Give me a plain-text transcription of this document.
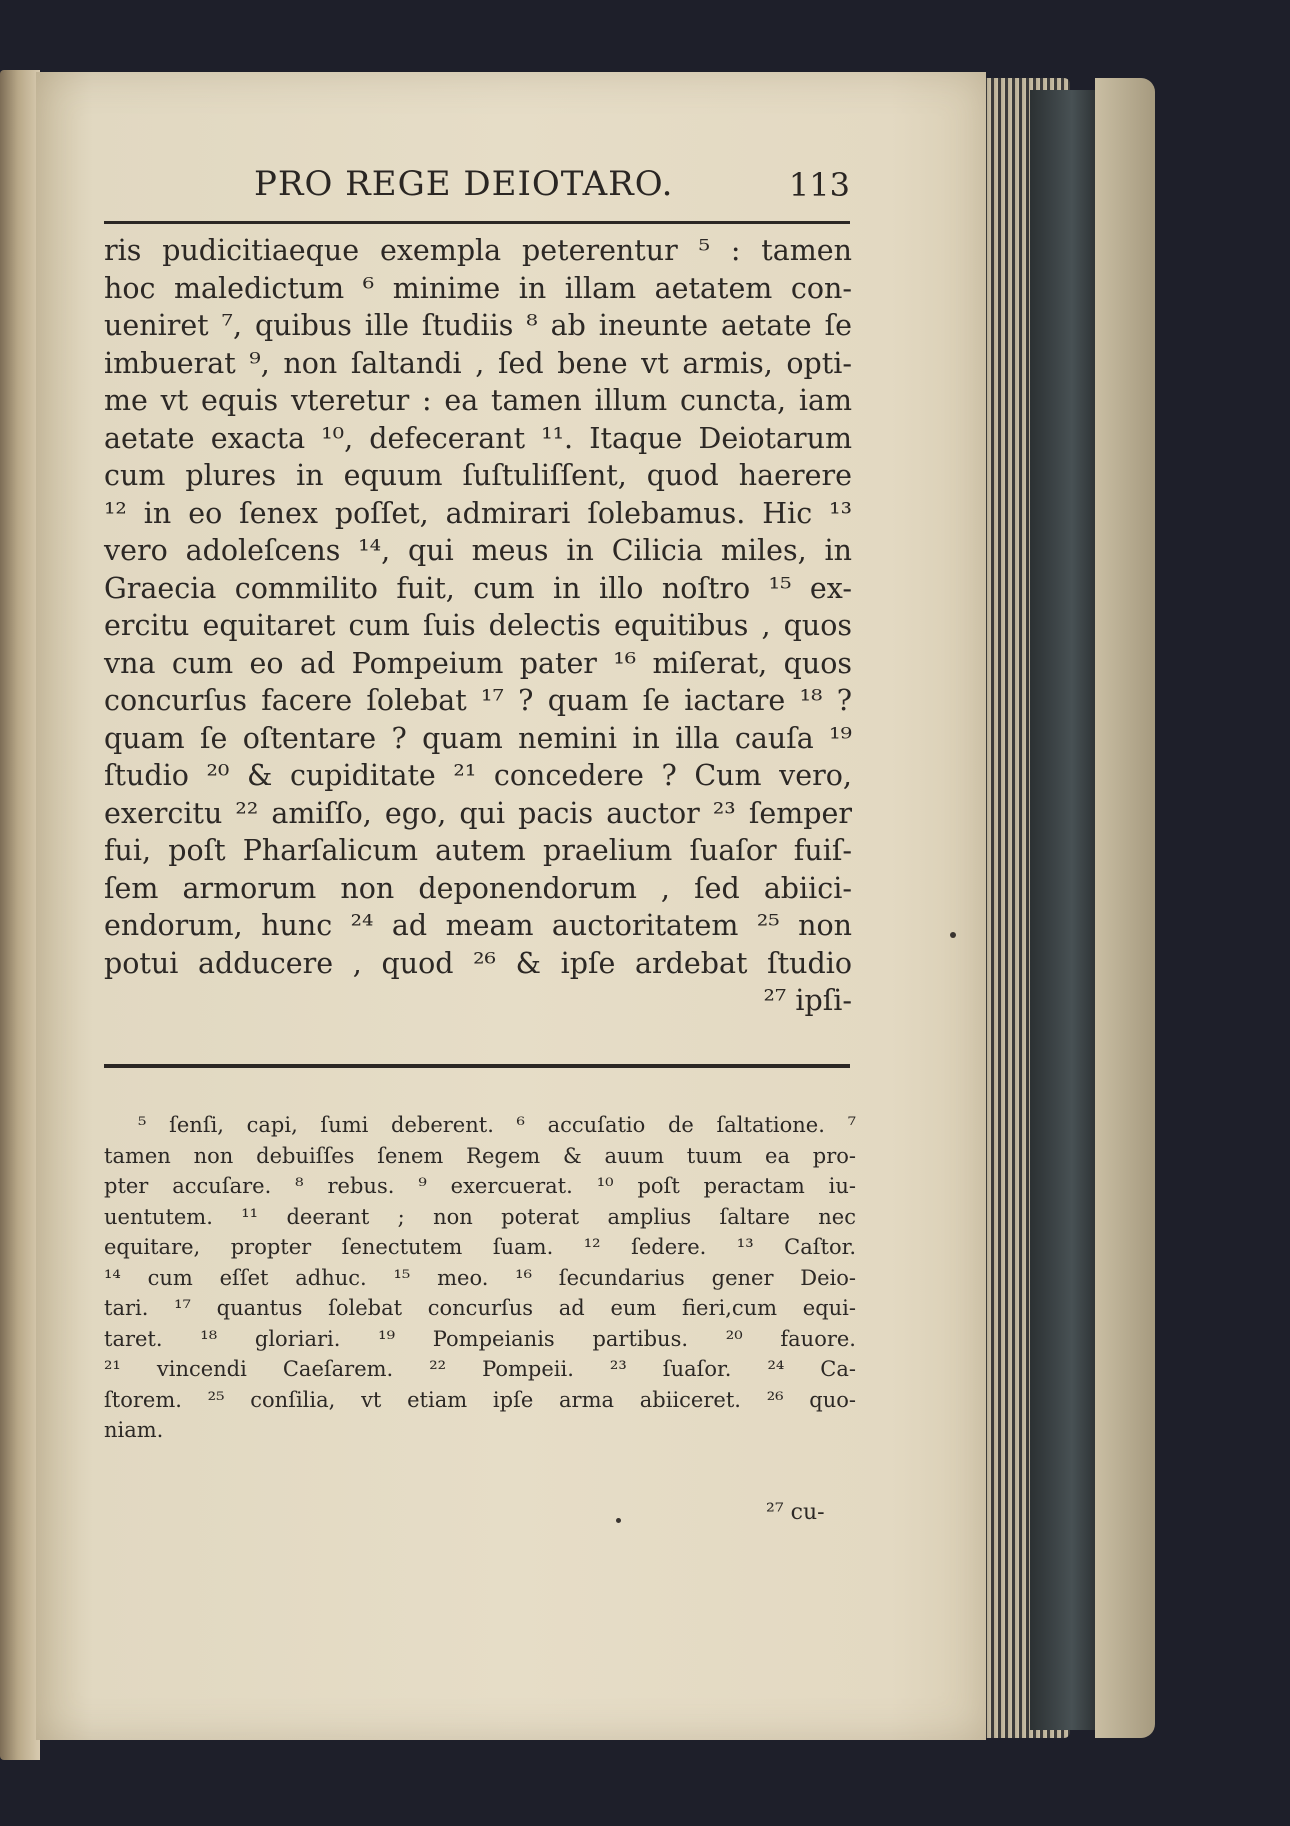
PRO REGE DEIOTARO.	113
ris pudicitiaeque exempla peterentur ⁵ : tamen
hoc maledictum ⁶ minime in illam aetatem con-
ueniret ⁷, quibus ille ſtudiis ⁸ ab ineunte aetate ſe
imbuerat ⁹, non ſaltandi , ſed bene vt armis, opti-
me vt equis vteretur : ea tamen illum cuncta, iam
aetate exacta ¹⁰, defecerant ¹¹. Itaque Deiotarum
cum plures in equum ſuſtuliſſent, quod haerere
¹² in eo ſenex poſſet, admirari ſolebamus. Hic ¹³
vero adoleſcens ¹⁴, qui meus in Cilicia miles, in
Graecia commilito fuit, cum in illo noſtro ¹⁵ ex-
ercitu equitaret cum ſuis delectis equitibus , quos
vna cum eo ad Pompeium pater ¹⁶ miſerat, quos
concurſus facere ſolebat ¹⁷ ? quam ſe iactare ¹⁸ ?
quam ſe oſtentare ? quam nemini in illa cauſa ¹⁹
ſtudio ²⁰ & cupiditate ²¹ concedere ? Cum vero,
exercitu ²² amiſſo, ego, qui pacis auctor ²³ ſemper
fui, poſt Pharſalicum autem praelium ſuaſor fuiſ-
ſem armorum non deponendorum , ſed abiici-
endorum, hunc ²⁴ ad meam auctoritatem ²⁵ non
potui adducere , quod ²⁶ & ipſe ardebat ſtudio
²⁷ ipſi-
⁵ ſenſi, capi, ſumi deberent. ⁶ accuſatio de ſaltatione. ⁷
tamen non debuiſſes ſenem Regem & auum tuum ea pro-
pter accuſare. ⁸ rebus. ⁹ exercuerat. ¹⁰ poſt peractam iu-
uentutem. ¹¹ deerant ; non poterat amplius ſaltare nec
equitare, propter ſenectutem ſuam. ¹² ſedere. ¹³ Caſtor.
¹⁴ cum eſſet adhuc. ¹⁵ meo. ¹⁶ ſecundarius gener Deio-
tari. ¹⁷ quantus ſolebat concurſus ad eum fieri,cum equi-
taret. ¹⁸ gloriari. ¹⁹ Pompeianis partibus. ²⁰ fauore.
²¹ vincendi Caeſarem. ²² Pompeii. ²³ ſuaſor. ²⁴ Ca-
ſtorem. ²⁵ conſilia, vt etiam ipſe arma abiiceret. ²⁶ quo-
niam.
²⁷ cu-
